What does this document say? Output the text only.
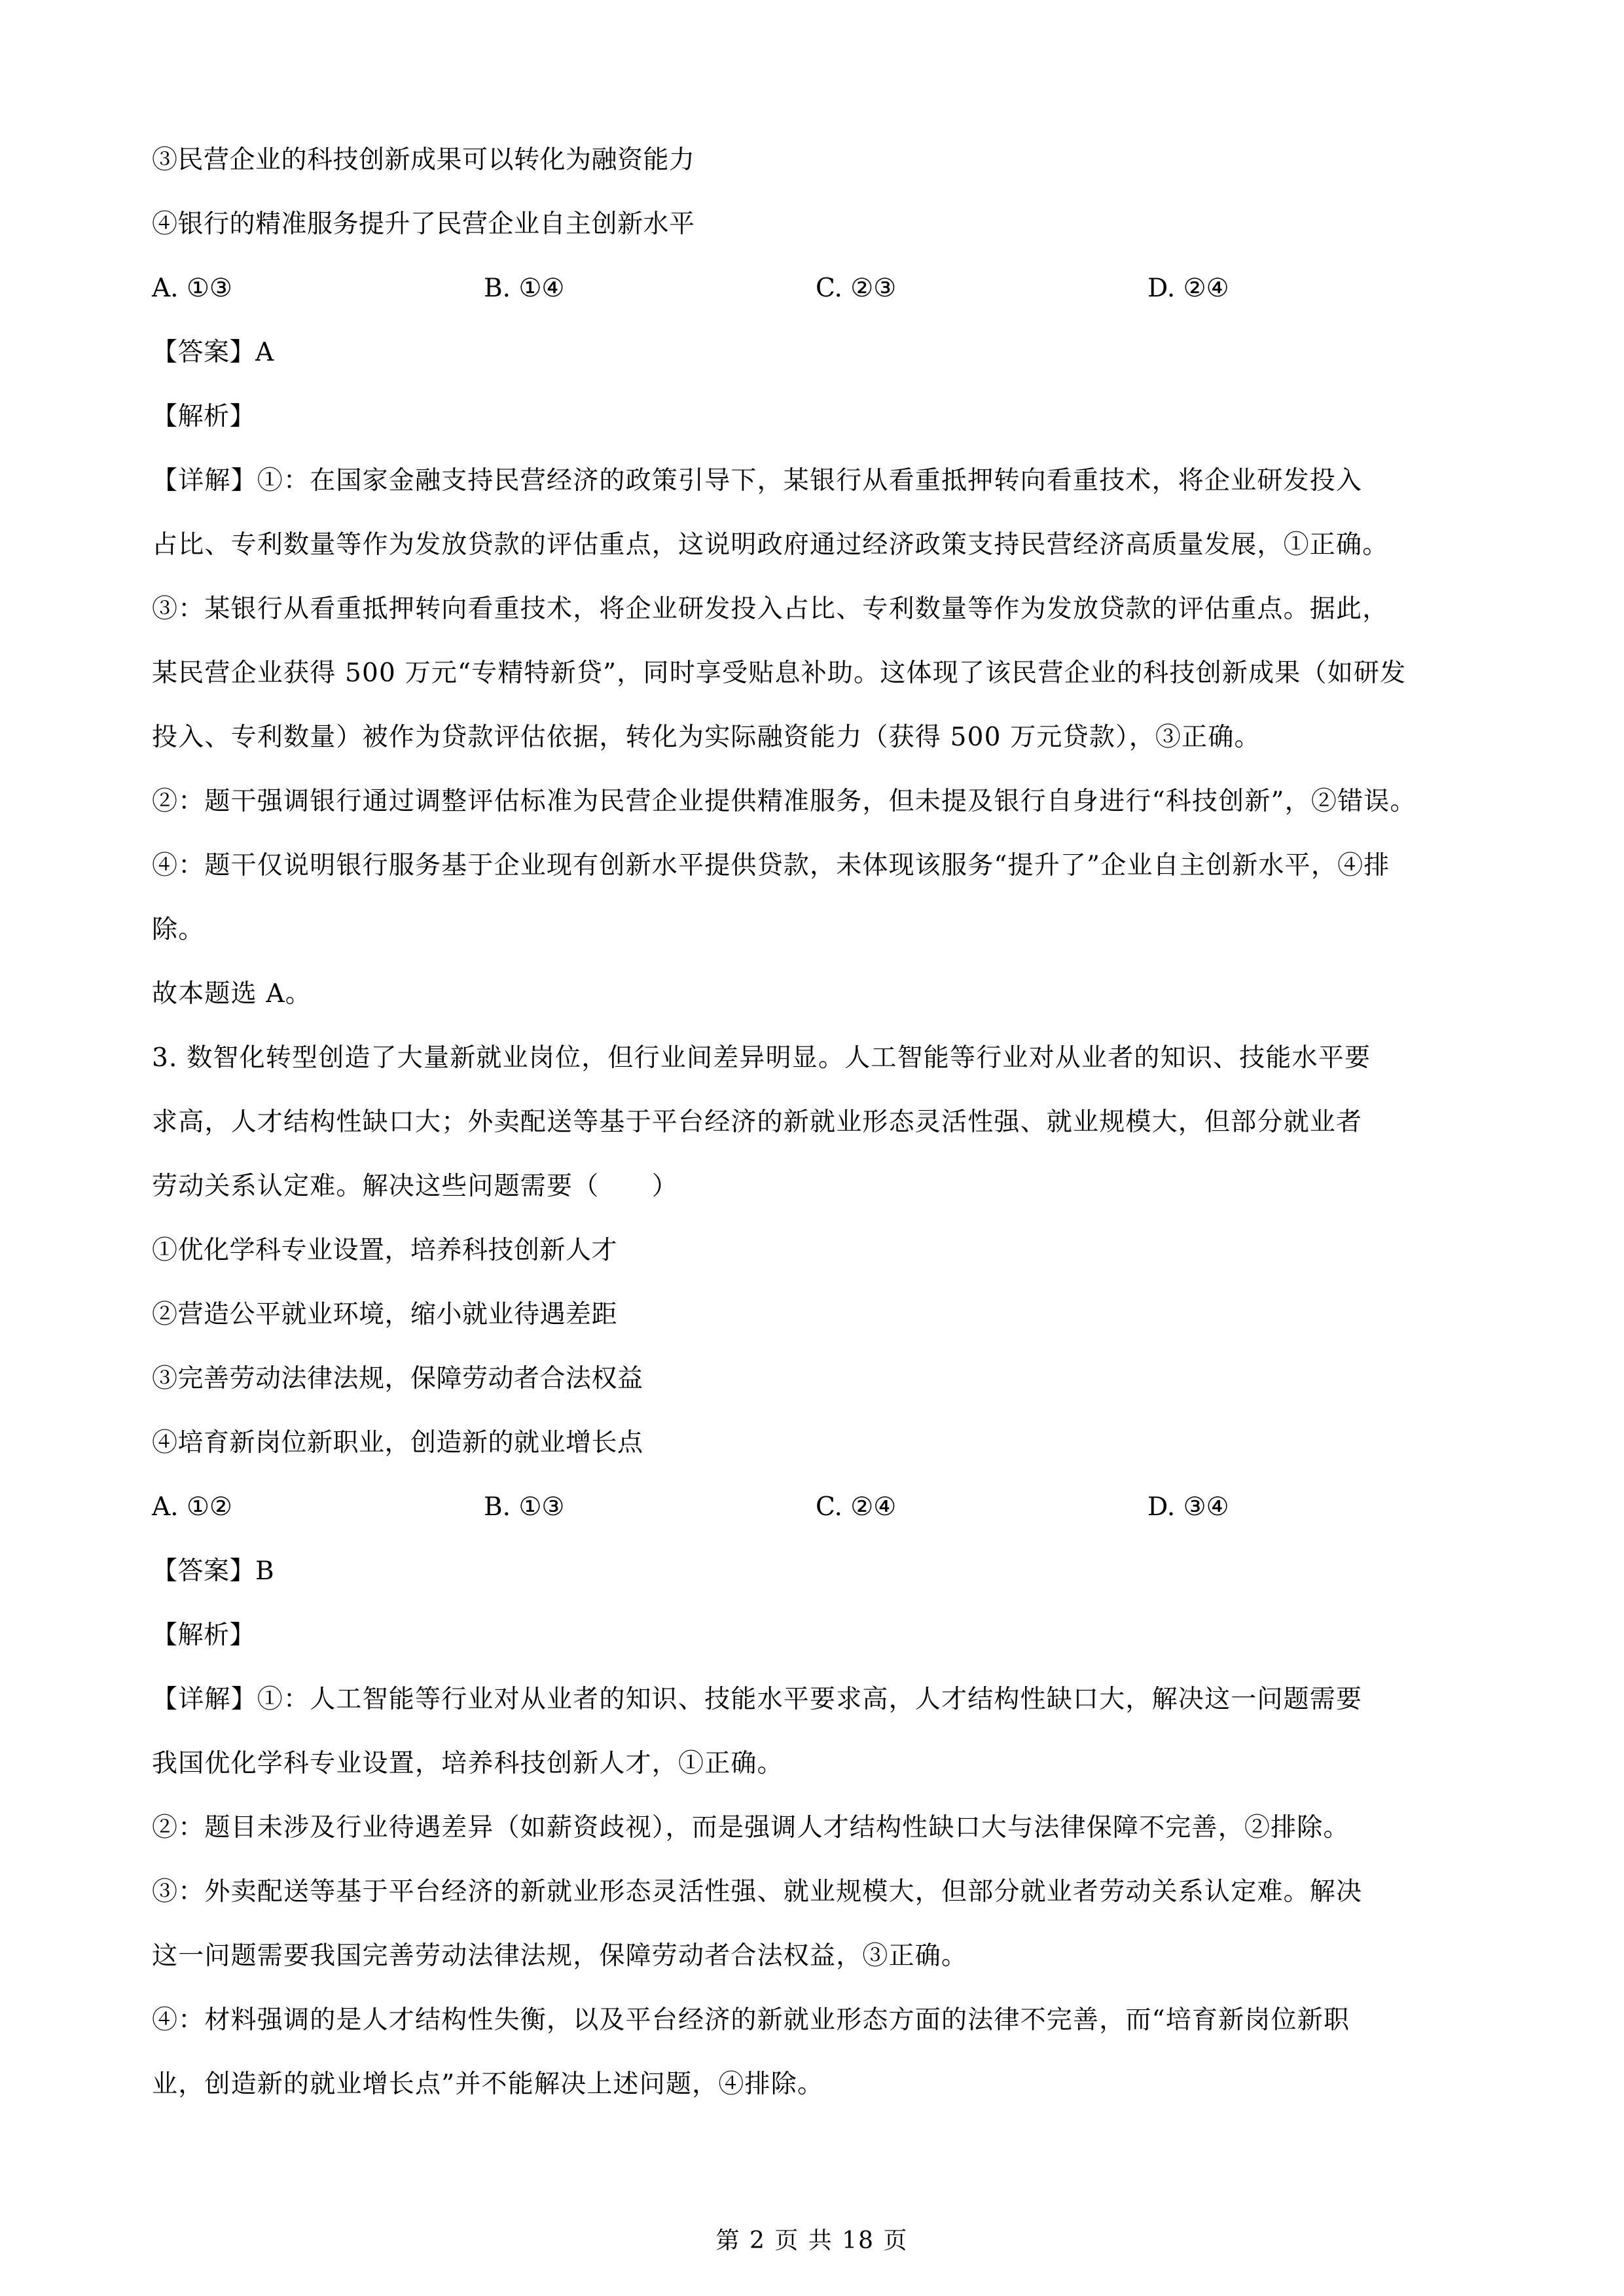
③民营企业的科技创新成果可以转化为融资能力
④银行的精准服务提升了民营企业自主创新水平
A. ①③	B. ①④	C. ②③	D. ②④
【答案】A
【解析】
【详解】①：在国家金融支持民营经济的政策引导下，某银行从看重抵押转向看重技术，将企业研发投入
占比、专利数量等作为发放贷款的评估重点，这说明政府通过经济政策支持民营经济高质量发展，①正确。
③：某银行从看重抵押转向看重技术，将企业研发投入占比、专利数量等作为发放贷款的评估重点。据此，
某民营企业获得 500 万元“专精特新贷”，同时享受贴息补助。这体现了该民营企业的科技创新成果（如研发
投入、专利数量）被作为贷款评估依据，转化为实际融资能力（获得 500 万元贷款），③正确。
②：题干强调银行通过调整评估标准为民营企业提供精准服务，但未提及银行自身进行“科技创新”，②错误。
④：题干仅说明银行服务基于企业现有创新水平提供贷款，未体现该服务“提升了”企业自主创新水平，④排
除。
故本题选 A。
3. 数智化转型创造了大量新就业岗位，但行业间差异明显。人工智能等行业对从业者的知识、技能水平要
求高，人才结构性缺口大；外卖配送等基于平台经济的新就业形态灵活性强、就业规模大，但部分就业者
劳动关系认定难。解决这些问题需要（　　）
①优化学科专业设置，培养科技创新人才
②营造公平就业环境，缩小就业待遇差距
③完善劳动法律法规，保障劳动者合法权益
④培育新岗位新职业，创造新的就业增长点
A. ①②	B. ①③	C. ②④	D. ③④
【答案】B
【解析】
【详解】①：人工智能等行业对从业者的知识、技能水平要求高，人才结构性缺口大，解决这一问题需要
我国优化学科专业设置，培养科技创新人才，①正确。
②：题目未涉及行业待遇差异（如薪资歧视），而是强调人才结构性缺口大与法律保障不完善，②排除。
③：外卖配送等基于平台经济的新就业形态灵活性强、就业规模大，但部分就业者劳动关系认定难。解决
这一问题需要我国完善劳动法律法规，保障劳动者合法权益，③正确。
④：材料强调的是人才结构性失衡，以及平台经济的新就业形态方面的法律不完善，而“培育新岗位新职
业，创造新的就业增长点”并不能解决上述问题，④排除。
第 2 页 共 18 页
